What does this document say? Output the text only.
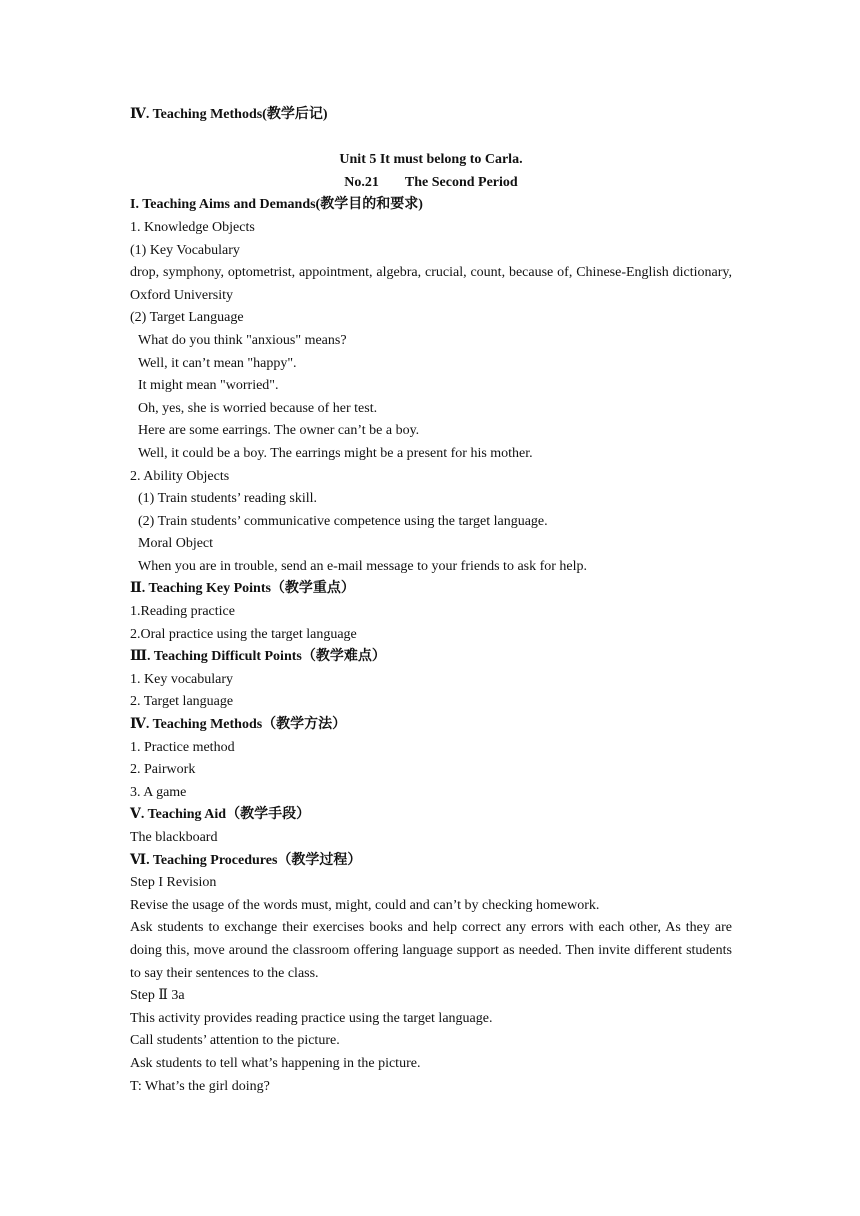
Ⅳ. Teaching Methods(教学后记)
Unit 5 It must belong to Carla.
No.21 The Second Period
I. Teaching Aims and Demands(教学目的和要求)
1. Knowledge Objects
(1) Key Vocabulary
drop, symphony, optometrist, appointment, algebra, crucial, count, because of, Chinese-English dictionary, Oxford University
(2) Target Language
What do you think "anxious" means?
Well, it can’t mean "happy".
It might mean "worried".
Oh, yes, she is worried because of her test.
Here are some earrings. The owner can’t be a boy.
Well, it could be a boy. The earrings might be a present for his mother.
2. Ability Objects
(1) Train students’ reading skill.
(2) Train students’ communicative competence using the target language.
Moral Object
When you are in trouble, send an e-mail message to your friends to ask for help.
Ⅱ. Teaching Key Points（教学重点）
1.Reading practice
2.Oral practice using the target language
Ⅲ. Teaching Difficult Points（教学难点）
1. Key vocabulary
2. Target language
Ⅳ. Teaching Methods（教学方法）
1. Practice method
2. Pairwork
3. A game
Ⅴ. Teaching Aid（教学手段）
The blackboard
Ⅵ. Teaching Procedures（教学过程）
Step I Revision
Revise the usage of the words must, might, could and can’t by checking homework.
Ask students to exchange their exercises books and help correct any errors with each other, As they are doing this, move around the classroom offering language support as needed. Then invite different students to say their sentences to the class.
Step Ⅱ 3a
This activity provides reading practice using the target language.
Call students’ attention to the picture.
Ask students to tell what’s happening in the picture.
T: What’s the girl doing?
